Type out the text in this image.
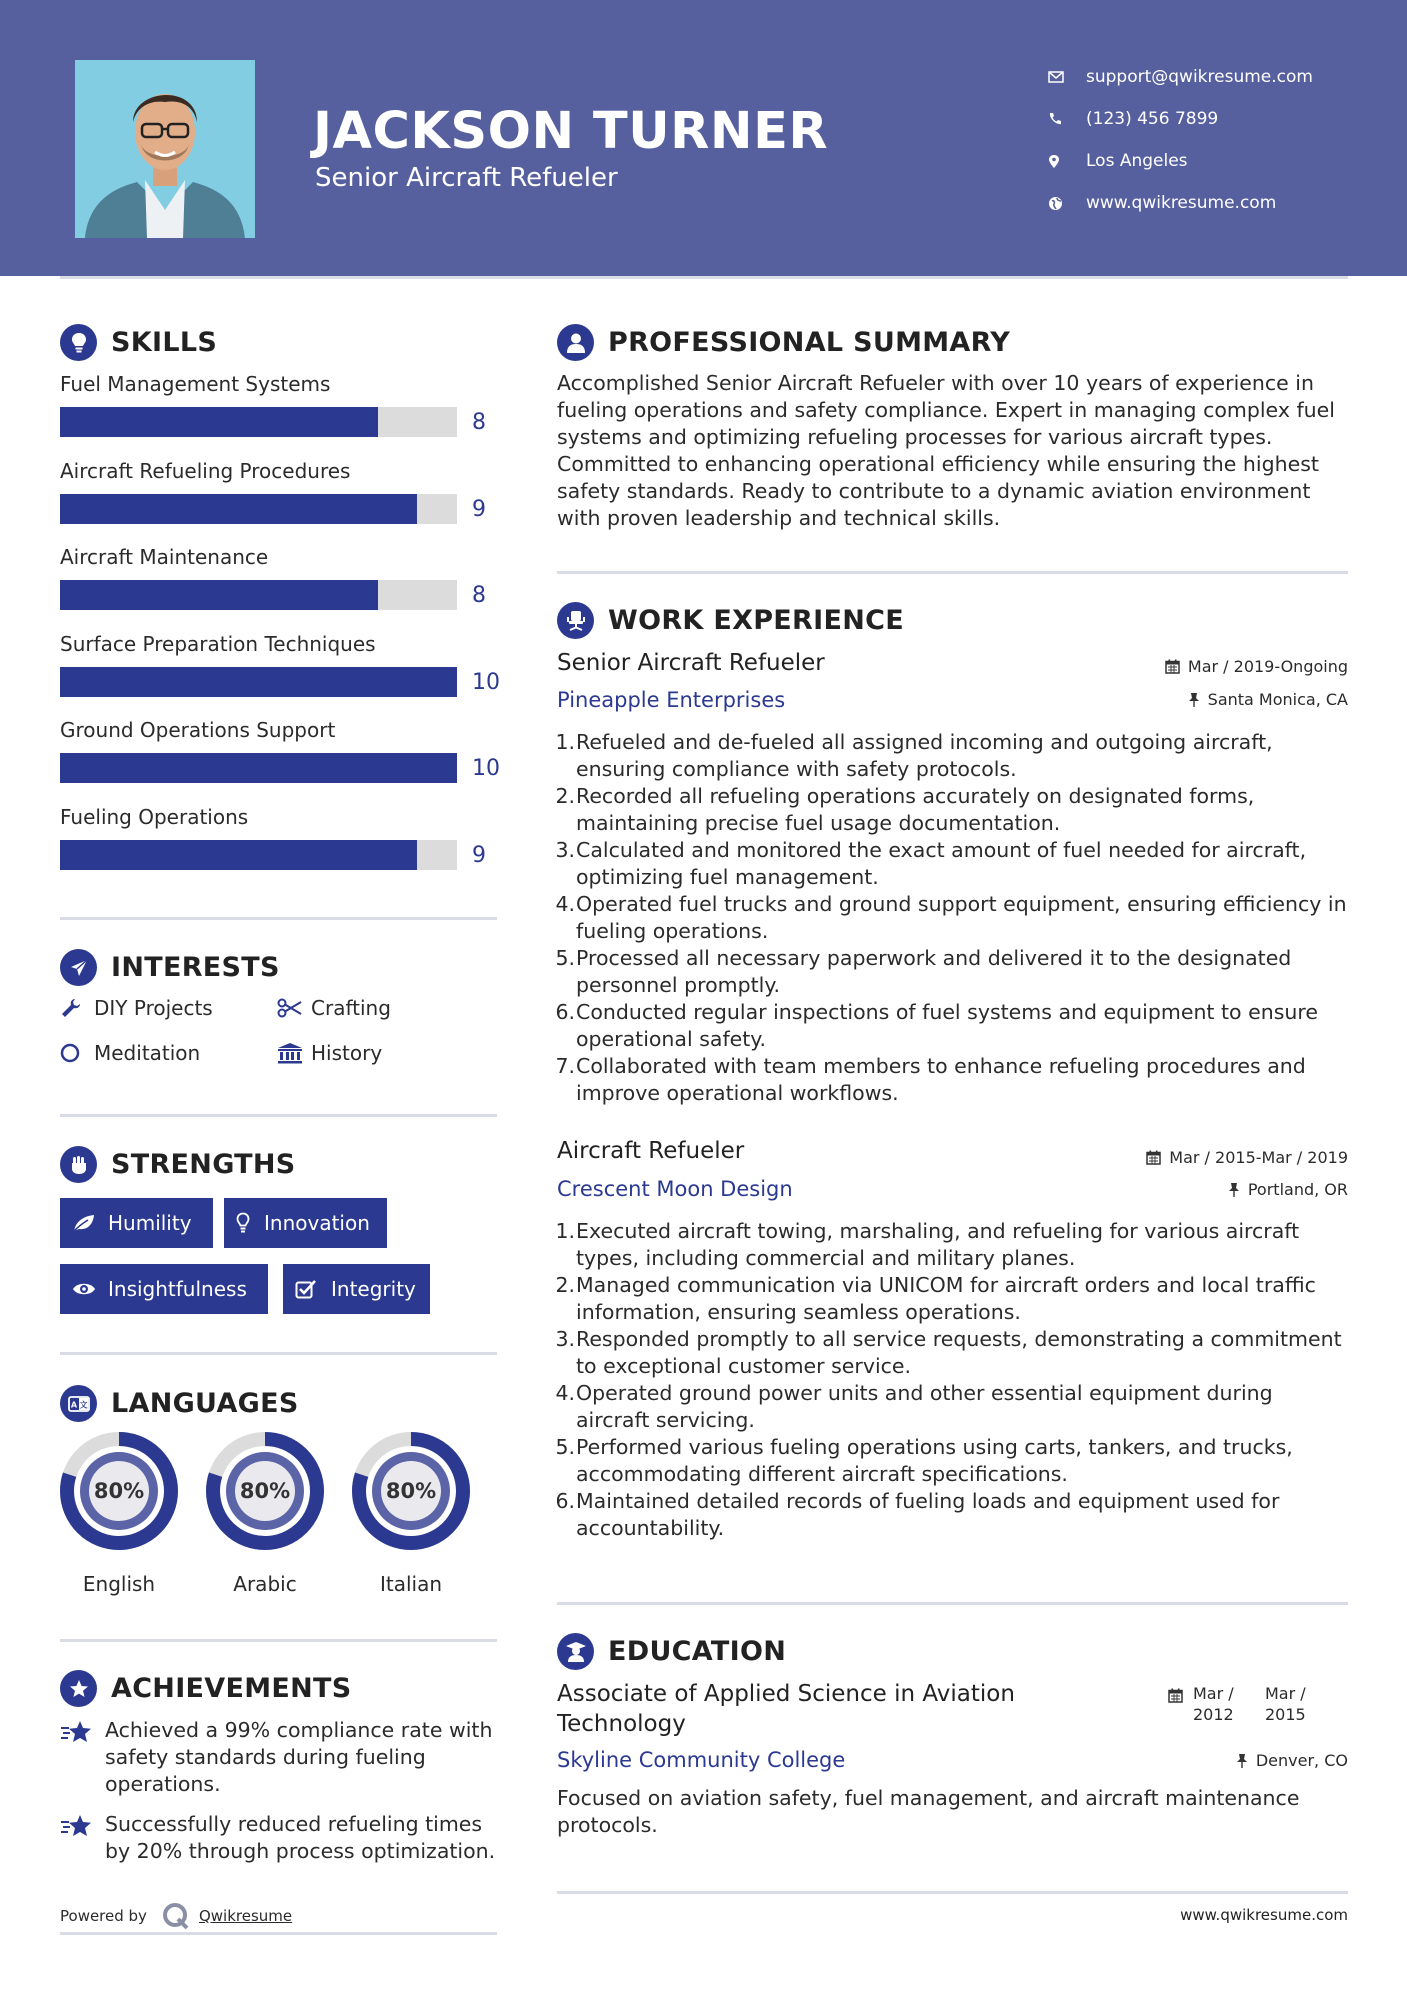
JACKSON TURNER
Senior Aircraft Refueler
support@qwikresume.com
(123) 456 7899
Los Angeles
www.qwikresume.com
SKILLS
Fuel Management Systems
8
Aircraft Refueling Procedures
9
Aircraft Maintenance
8
Surface Preparation Techniques
10
Ground Operations Support
10
Fueling Operations
9
INTERESTS
DIY Projects	Crafting
Meditation	History
STRENGTHS
Humility	Innovation
Insightfulness	Integrity
A 文 LANGUAGES
80%
English
80%
Arabic
80%
Italian
ACHIEVEMENTS
Achieved a 99% compliance rate with safety standards during fueling operations.
Successfully reduced refueling times by 20% through process optimization.
Powered by	Qwikresume
PROFESSIONAL SUMMARY
Accomplished Senior Aircraft Refueler with over 10 years of experience in fueling operations and safety compliance. Expert in managing complex fuel systems and optimizing refueling processes for various aircraft types. Committed to enhancing operational efficiency while ensuring the highest safety standards. Ready to contribute to a dynamic aviation environment with proven leadership and technical skills.
WORK EXPERIENCE
Senior Aircraft Refueler	Mar / 2019-Ongoing
Pineapple Enterprises	Santa Monica, CA
1. Refueled and de-fueled all assigned incoming and outgoing aircraft, ensuring compliance with safety protocols.
2. Recorded all refueling operations accurately on designated forms, maintaining precise fuel usage documentation.
3. Calculated and monitored the exact amount of fuel needed for aircraft, optimizing fuel management.
4. Operated fuel trucks and ground support equipment, ensuring efficiency in fueling operations.
5. Processed all necessary paperwork and delivered it to the designated personnel promptly.
6. Conducted regular inspections of fuel systems and equipment to ensure operational safety.
7. Collaborated with team members to enhance refueling procedures and improve operational workflows.
Aircraft Refueler	Mar / 2015-Mar / 2019
Crescent Moon Design	Portland, OR
1. Executed aircraft towing, marshaling, and refueling for various aircraft types, including commercial and military planes.
2. Managed communication via UNICOM for aircraft orders and local traffic information, ensuring seamless operations.
3. Responded promptly to all service requests, demonstrating a commitment to exceptional customer service.
4. Operated ground power units and other essential equipment during aircraft servicing.
5. Performed various fueling operations using carts, tankers, and trucks, accommodating different aircraft specifications.
6. Maintained detailed records of fueling loads and equipment used for accountability.
EDUCATION
Associate of Applied Science in Aviation Technology
Mar / 2012
Mar / 2015
Skyline Community College	Denver, CO
Focused on aviation safety, fuel management, and aircraft maintenance protocols.
www.qwikresume.com
